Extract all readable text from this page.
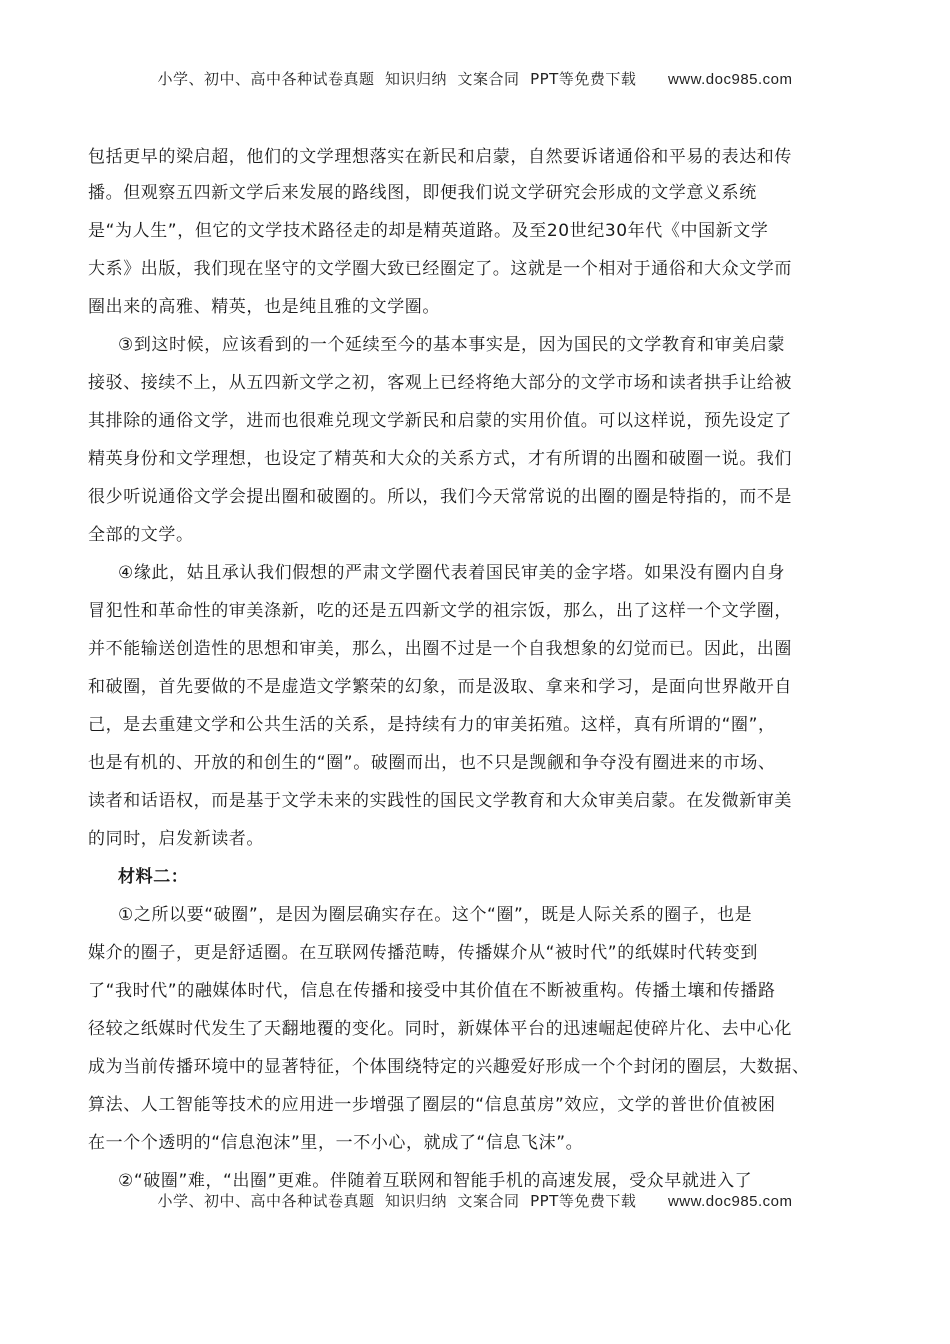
小学、初中、高中各种试卷真题  知识归纳  文案合同  PPT等免费下载 www.doc985.com
包括更早的梁启超，他们的文学理想落实在新民和启蒙，自然要诉诸通俗和平易的表达和传
播。但观察五四新文学后来发展的路线图，即便我们说文学研究会形成的文学意义系统
是“为人生”，但它的文学技术路径走的却是精英道路。及至20世纪30年代《中国新文学
大系》出版，我们现在坚守的文学圈大致已经圈定了。这就是一个相对于通俗和大众文学而
圈出来的高雅、精英，也是纯且雅的文学圈。
③到这时候，应该看到的一个延续至今的基本事实是，因为国民的文学教育和审美启蒙
接驳、接续不上，从五四新文学之初，客观上已经将绝大部分的文学市场和读者拱手让给被
其排除的通俗文学，进而也很难兑现文学新民和启蒙的实用价值。可以这样说，预先设定了
精英身份和文学理想，也设定了精英和大众的关系方式，才有所谓的出圈和破圈一说。我们
很少听说通俗文学会提出圈和破圈的。所以，我们今天常常说的出圈的圈是特指的，而不是
全部的文学。
④缘此，姑且承认我们假想的严肃文学圈代表着国民审美的金字塔。如果没有圈内自身
冒犯性和革命性的审美涤新，吃的还是五四新文学的祖宗饭，那么，出了这样一个文学圈，
并不能输送创造性的思想和审美，那么，出圈不过是一个自我想象的幻觉而已。因此，出圈
和破圈，首先要做的不是虚造文学繁荣的幻象，而是汲取、拿来和学习，是面向世界敞开自
己，是去重建文学和公共生活的关系，是持续有力的审美拓殖。这样，真有所谓的“圈”，
也是有机的、开放的和创生的“圈”。破圈而出，也不只是觊觎和争夺没有圈进来的市场、
读者和话语权，而是基于文学未来的实践性的国民文学教育和大众审美启蒙。在发微新审美
的同时，启发新读者。
材料二：
①之所以要“破圈”，是因为圈层确实存在。这个“圈”，既是人际关系的圈子，也是
媒介的圈子，更是舒适圈。在互联网传播范畴，传播媒介从“被时代”的纸媒时代转变到
了“我时代”的融媒体时代，信息在传播和接受中其价值在不断被重构。传播土壤和传播路
径较之纸媒时代发生了天翻地覆的变化。同时，新媒体平台的迅速崛起使碎片化、去中心化
成为当前传播环境中的显著特征，个体围绕特定的兴趣爱好形成一个个封闭的圈层，大数据、
算法、人工智能等技术的应用进一步增强了圈层的“信息茧房”效应，文学的普世价值被困
在一个个透明的“信息泡沫”里，一不小心，就成了“信息飞沫”。
②“破圈”难，“出圈”更难。伴随着互联网和智能手机的高速发展，受众早就进入了
小学、初中、高中各种试卷真题  知识归纳  文案合同  PPT等免费下载 www.doc985.com
